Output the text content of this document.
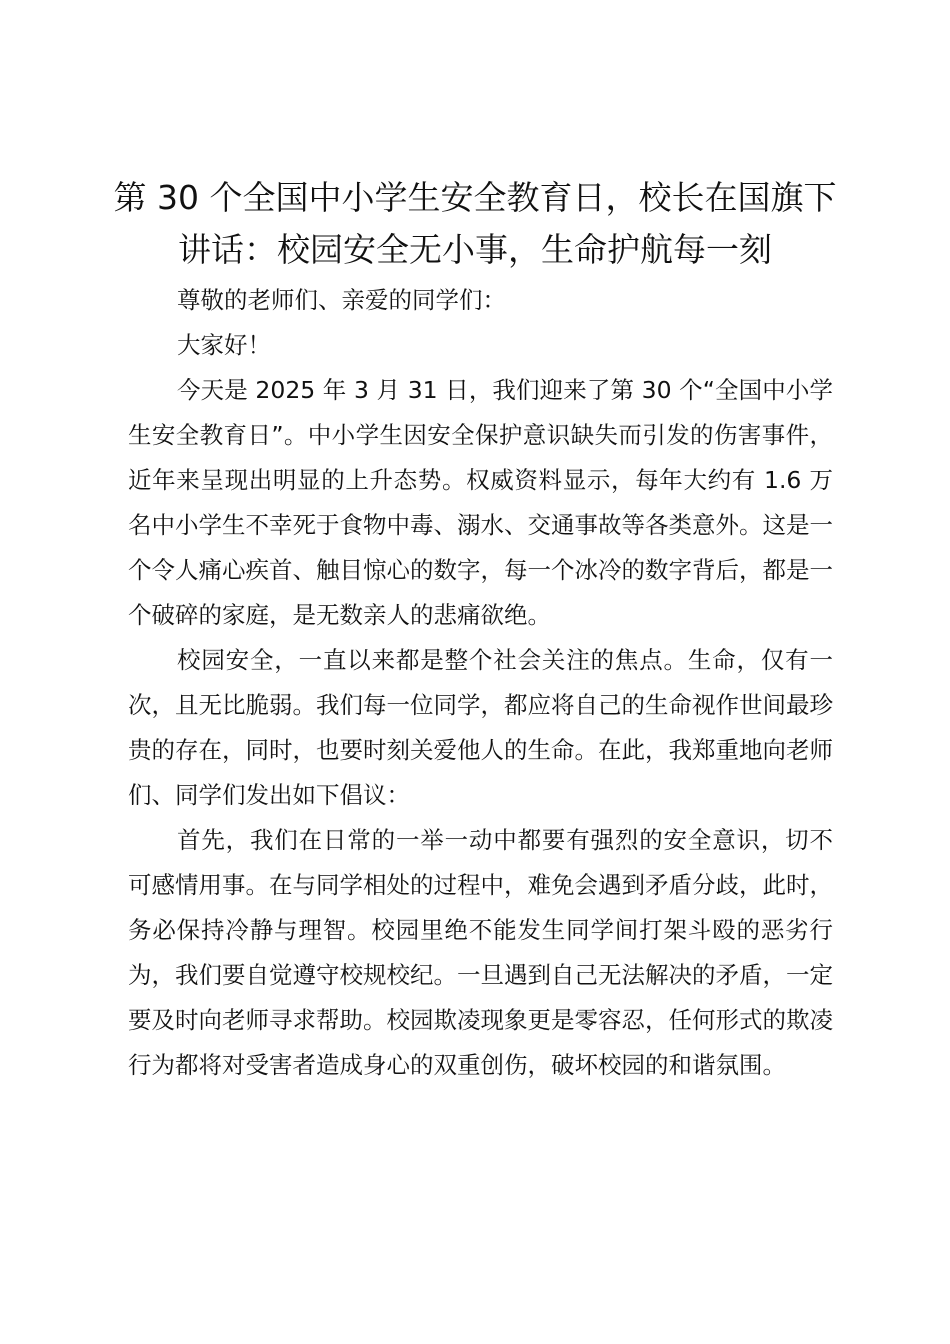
第 30 个全国中小学生安全教育日，校长在国旗下讲话：校园安全无小事，生命护航每一刻

尊敬的老师们、亲爱的同学们：

大家好！

今天是 2025 年 3 月 31 日，我们迎来了第 30 个“全国中小学生安全教育日”。中小学生因安全保护意识缺失而引发的伤害事件，近年来呈现出明显的上升态势。权威资料显示，每年大约有 1.6 万名中小学生不幸死于食物中毒、溺水、交通事故等各类意外。这是一个令人痛心疾首、触目惊心的数字，每一个冰冷的数字背后，都是一个破碎的家庭，是无数亲人的悲痛欲绝。

校园安全，一直以来都是整个社会关注的焦点。生命，仅有一次，且无比脆弱。我们每一位同学，都应将自己的生命视作世间最珍贵的存在，同时，也要时刻关爱他人的生命。在此，我郑重地向老师们、同学们发出如下倡议：

首先，我们在日常的一举一动中都要有强烈的安全意识，切不可感情用事。在与同学相处的过程中，难免会遇到矛盾分歧，此时，务必保持冷静与理智。校园里绝不能发生同学间打架斗殴的恶劣行为，我们要自觉遵守校规校纪。一旦遇到自己无法解决的矛盾，一定要及时向老师寻求帮助。校园欺凌现象更是零容忍，任何形式的欺凌行为都将对受害者造成身心的双重创伤，破坏校园的和谐氛围。
